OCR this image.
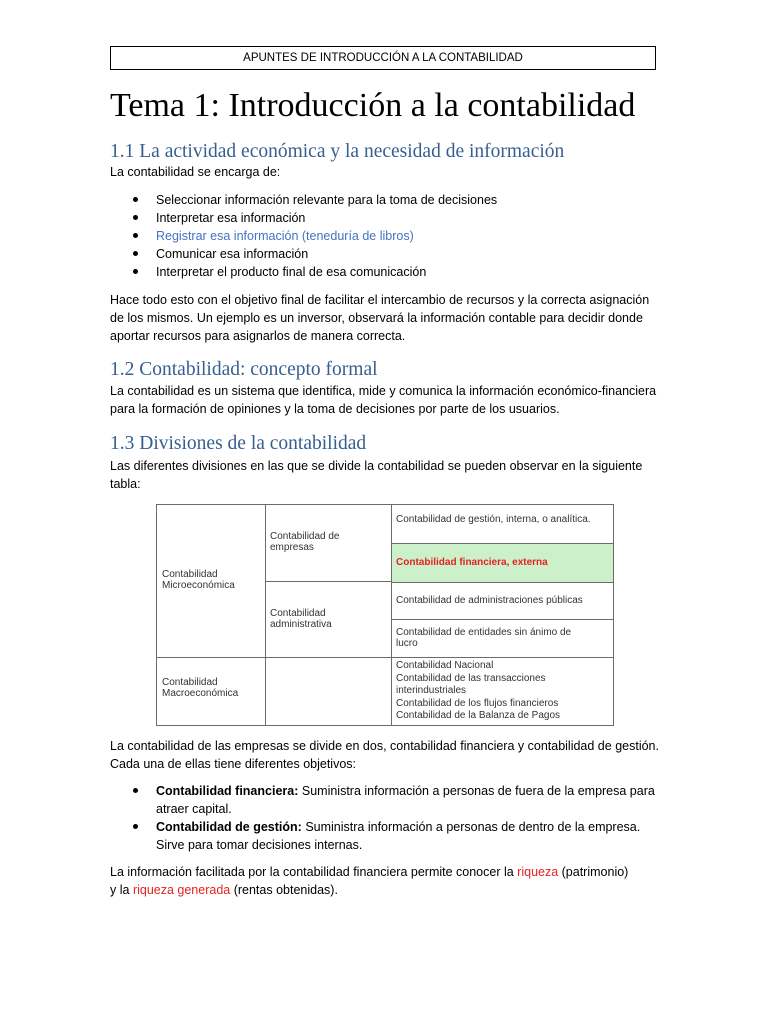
APUNTES DE INTRODUCCIÓN A LA CONTABILIDAD
Tema 1: Introducción a la contabilidad
1.1 La actividad económica y la necesidad de información
La contabilidad se encarga de:
Seleccionar información relevante para la toma de decisiones
Interpretar esa información
Registrar esa información (teneduría de libros)
Comunicar esa información
Interpretar el producto final de esa comunicación
Hace todo esto con el objetivo final de facilitar el intercambio de recursos y la correcta asignación de los mismos. Un ejemplo es un inversor, observará la información contable para decidir donde aportar recursos para asignarlos de manera correcta.
1.2 Contabilidad: concepto formal
La contabilidad es un sistema que identifica, mide y comunica la información económico-financiera para la formación de opiniones y la toma de decisiones por parte de los usuarios.
1.3 Divisiones de la contabilidad
Las diferentes divisiones en las que se divide la contabilidad se pueden observar en la siguiente tabla:
Contabilidad Microeconómica
Contabilidad Macroeconómica
Contabilidad de empresas
Contabilidad administrativa
Contabilidad de gestión, interna, o analítica.
Contabilidad financiera, externa
Contabilidad de administraciones públicas
Contabilidad de entidades sin ánimo de lucro
Contabilidad Nacional
Contabilidad de las transacciones interindustriales
Contabilidad de los flujos financieros
Contabilidad de la Balanza de Pagos
La contabilidad de las empresas se divide en dos, contabilidad financiera y contabilidad de gestión. Cada una de ellas tiene diferentes objetivos:
Contabilidad financiera: Suministra información a personas de fuera de la empresa para atraer capital.
Contabilidad de gestión: Suministra información a personas de dentro de la empresa. Sirve para tomar decisiones internas.
La información facilitada por la contabilidad financiera permite conocer la riqueza (patrimonio)
y la riqueza generada (rentas obtenidas).
